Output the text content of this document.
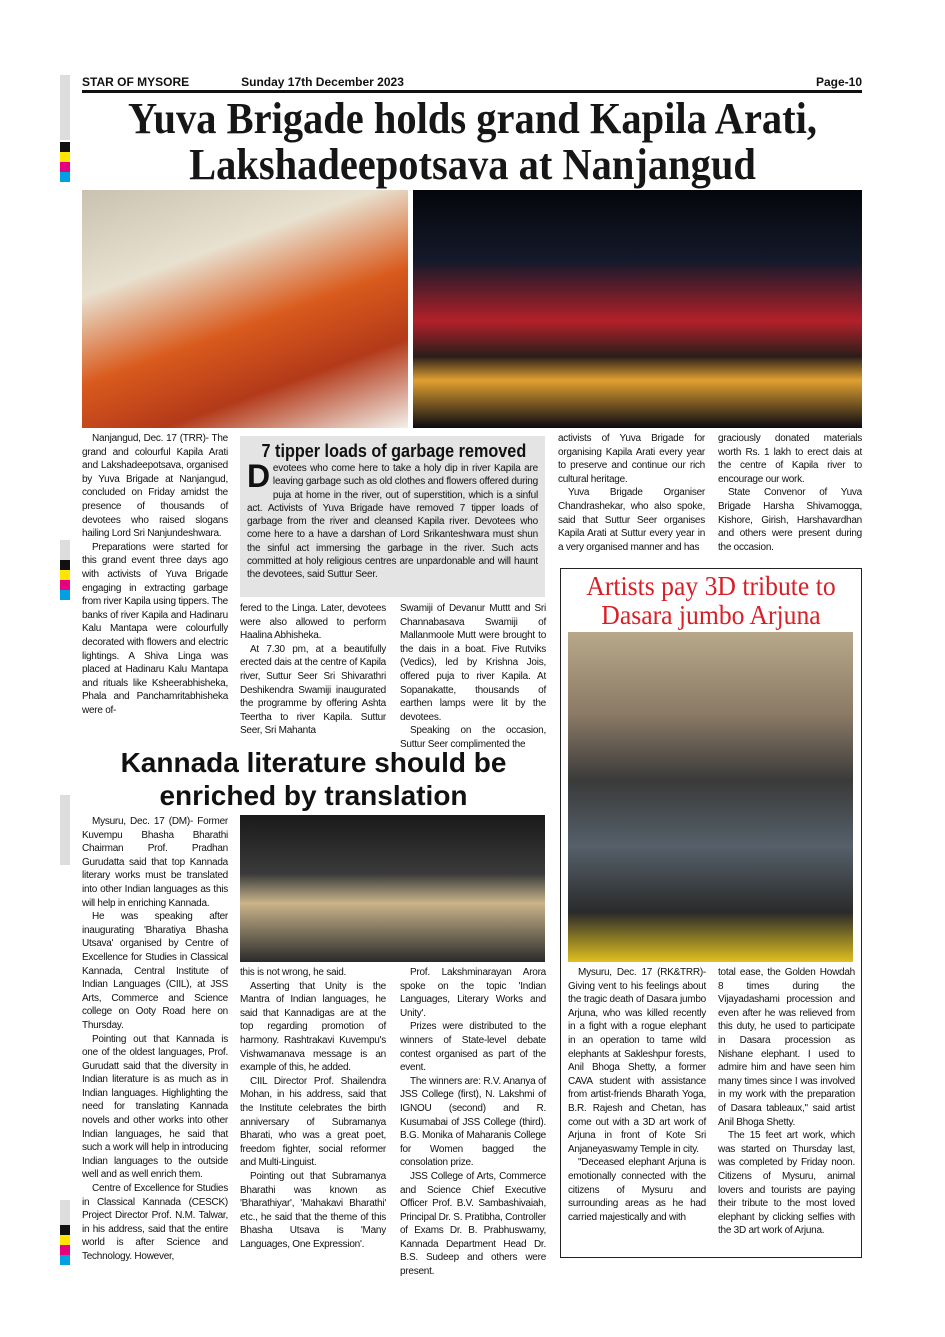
STAR OF MYSORE	Sunday 17th December 2023	Page-10
Yuva Brigade holds grand Kapila Arati,
Lakshadeepotsava at Nanjangud

Nanjangud, Dec. 17 (TRR)- The grand and colourful Kapila Arati and Lakshadeepotsava, organised by Yuva Brigade at Nanjangud, concluded on Friday amidst the presence of thousands of devotees who raised slogans hailing Lord Sri Nanjundeshwara.

Preparations were started for this grand event three days ago with activists of Yuva Brigade engaging in extracting garbage from river Kapila using tippers. The banks of river Kapila and Hadinaru Kalu Mantapa were colourfully decorated with flowers and electric lightings. A Shiva Linga was placed at Hadinaru Kalu Mantapa and rituals like Ksheerabhisheka, Phala and Panchamritabhisheka were of-

7 tipper loads of garbage removed
Devotees who come here to take a holy dip in river Kapila are leaving garbage such as old clothes and flowers offered during puja at home in the river, out of superstition, which is a sinful act. Activists of Yuva Brigade have removed 7 tipper loads of garbage from the river and cleansed Kapila river. Devotees who come here to a have a darshan of Lord Srikanteshwara must shun the sinful act immersing the garbage in the river. Such acts committed at holy religious centres are unpardonable and will haunt the devotees, said Suttur Seer.

fered to the Linga. Later, devotees were also allowed to perform Haalina Abhisheka.

At 7.30 pm, at a beautifully erected dais at the centre of Kapila river, Suttur Seer Sri Shivarathri Deshikendra Swamiji inaugurated the programme by offering Ashta Teertha to river Kapila. Suttur Seer, Sri Mahanta

Swamiji of Devanur Muttt and Sri Channabasava Swamiji of Mallanmoole Mutt were brought to the dais in a boat. Five Rutviks (Vedics), led by Krishna Jois, offered puja to river Kapila. At Sopanakatte, thousands of earthen lamps were lit by the devotees.

Speaking on the occasion, Suttur Seer complimented the

activists of Yuva Brigade for organising Kapila Arati every year to preserve and continue our rich cultural heritage.

Yuva Brigade Organiser Chandrashekar, who also spoke, said that Suttur Seer organises Kapila Arati at Suttur every year in a very organised manner and has

graciously donated materials worth Rs. 1 lakh to erect dais at the centre of Kapila river to encourage our work.

State Convenor of Yuva Brigade Harsha Shivamogga, Kishore, Girish, Harshavardhan and others were present during the occasion.

Kannada literature should be
enriched by translation

Mysuru, Dec. 17 (DM)- Former Kuvempu Bhasha Bharathi Chairman Prof. Pradhan Gurudatta said that top Kannada literary works must be translated into other Indian languages as this will help in enriching Kannada.

He was speaking after inaugurating 'Bharatiya Bhasha Utsava' organised by Centre of Excellence for Studies in Classical Kannada, Central Institute of Indian Languages (CIIL), at JSS Arts, Commerce and Science college on Ooty Road here on Thursday.

Pointing out that Kannada is one of the oldest languages, Prof. Gurudatt said that the diversity in Indian literature is as much as in Indian languages. Highlighting the need for translating Kannada novels and other works into other Indian languages, he said that such a work will help in introducing Indian languages to the outside well and as well enrich them.

Centre of Excellence for Studies in Classical Kannada (CESCK) Project Director Prof. N.M. Talwar, in his address, said that the entire world is after Science and Technology. However,

this is not wrong, he said.

Asserting that Unity is the Mantra of Indian languages, he said that Kannadigas are at the top regarding promotion of harmony. Rashtrakavi Kuvempu's Vishwamanava message is an example of this, he added.

CIIL Director Prof. Shailendra Mohan, in his address, said that the Institute celebrates the birth anniversary of Subramanya Bharati, who was a great poet, freedom fighter, social reformer and Multi-Linguist.

Pointing out that Subramanya Bharathi was known as 'Bharathiyar', 'Mahakavi Bharathi' etc., he said that the theme of this Bhasha Utsava is 'Many Languages, One Expression'.

Prof. Lakshminarayan Arora spoke on the topic 'Indian Languages, Literary Works and Unity'.

Prizes were distributed to the winners of State-level debate contest organised as part of the event.

The winners are: R.V. Ananya of JSS College (first), N. Lakshmi of IGNOU (second) and R. Kusumabai of JSS College (third). B.G. Monika of Maharanis College for Women bagged the consolation prize.

JSS College of Arts, Commerce and Science Chief Executive Officer Prof. B.V. Sambashivaiah, Principal Dr. S. Pratibha, Controller of Exams Dr. B. Prabhuswamy, Kannada Department Head Dr. B.S. Sudeep and others were present.

Artists pay 3D tribute to
Dasara jumbo Arjuna

Mysuru, Dec. 17 (RK&TRR)- Giving vent to his feelings about the tragic death of Dasara jumbo Arjuna, who was killed recently in a fight with a rogue elephant in an operation to tame wild elephants at Sakleshpur forests, Anil Bhoga Shetty, a former CAVA student with assistance from artist-friends Bharath Yoga, B.R. Rajesh and Chetan, has come out with a 3D art work of Arjuna in front of Kote Sri Anjaneyaswamy Temple in city.

"Deceased elephant Arjuna is emotionally connected with the citizens of Mysuru and surrounding areas as he had carried majestically and with

total ease, the Golden Howdah 8 times during the Vijayadashami procession and even after he was relieved from this duty, he used to participate in Dasara procession as Nishane elephant. I used to admire him and have seen him many times since I was involved in my work with the preparation of Dasara tableaux," said artist Anil Bhoga Shetty.

The 15 feet art work, which was started on Thursday last, was completed by Friday noon. Citizens of Mysuru, animal lovers and tourists are paying their tribute to the most loved elephant by clicking selfies with the 3D art work of Arjuna.
